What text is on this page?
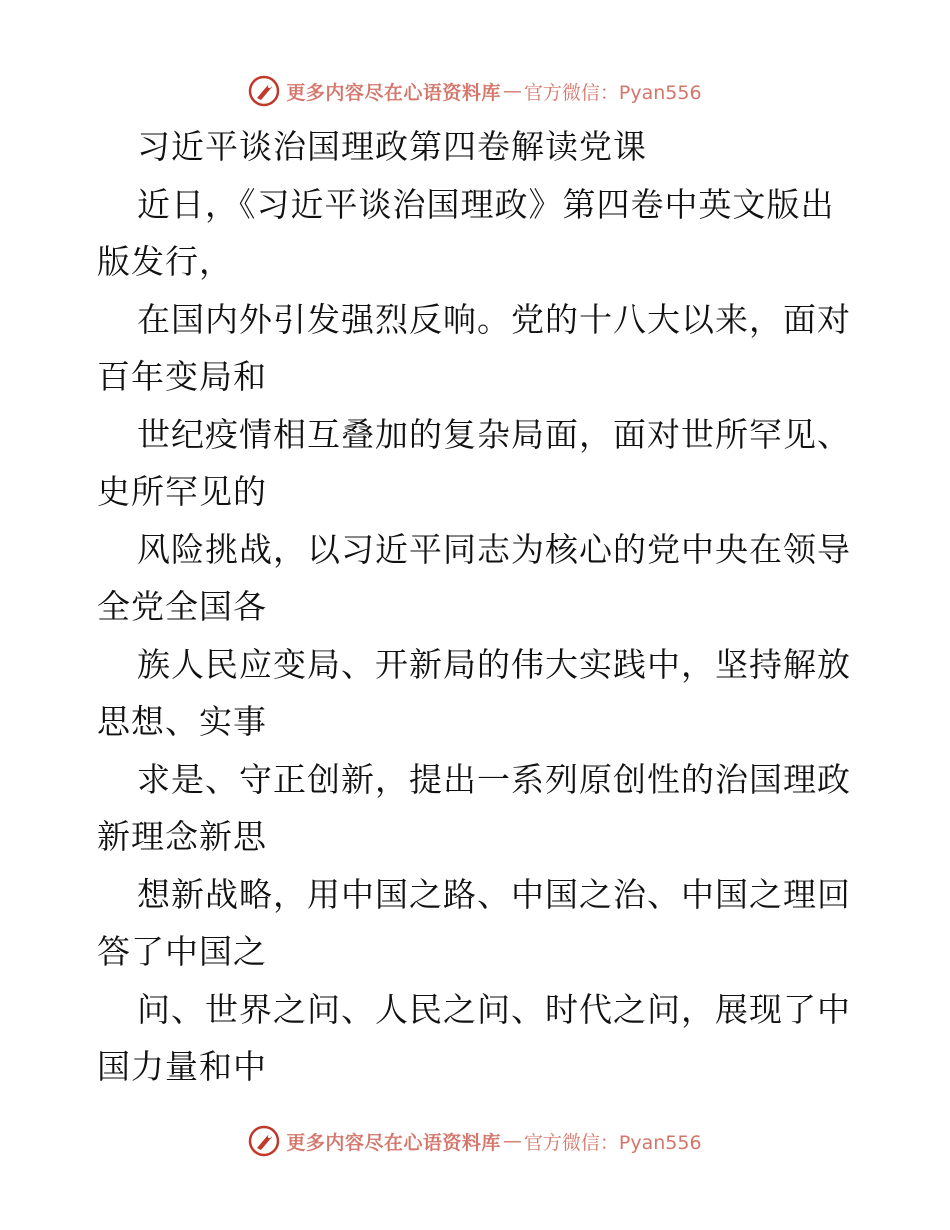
更多内容尽在心语资料库 — 官方微信：Pyan556
习近平谈治国理政第四卷解读党课
近日，《习近平谈治国理政》第四卷中英文版出
版发行，
在国内外引发强烈反响。党的十八大以来，面对
百年变局和
世纪疫情相互叠加的复杂局面，面对世所罕见、
史所罕见的
风险挑战，以习近平同志为核心的党中央在领导
全党全国各
族人民应变局、开新局的伟大实践中，坚持解放
思想、实事
求是、守正创新，提出一系列原创性的治国理政
新理念新思
想新战略，用中国之路、中国之治、中国之理回
答了中国之
问、世界之问、人民之问、时代之问，展现了中
国力量和中
更多内容尽在心语资料库 — 官方微信：Pyan556
